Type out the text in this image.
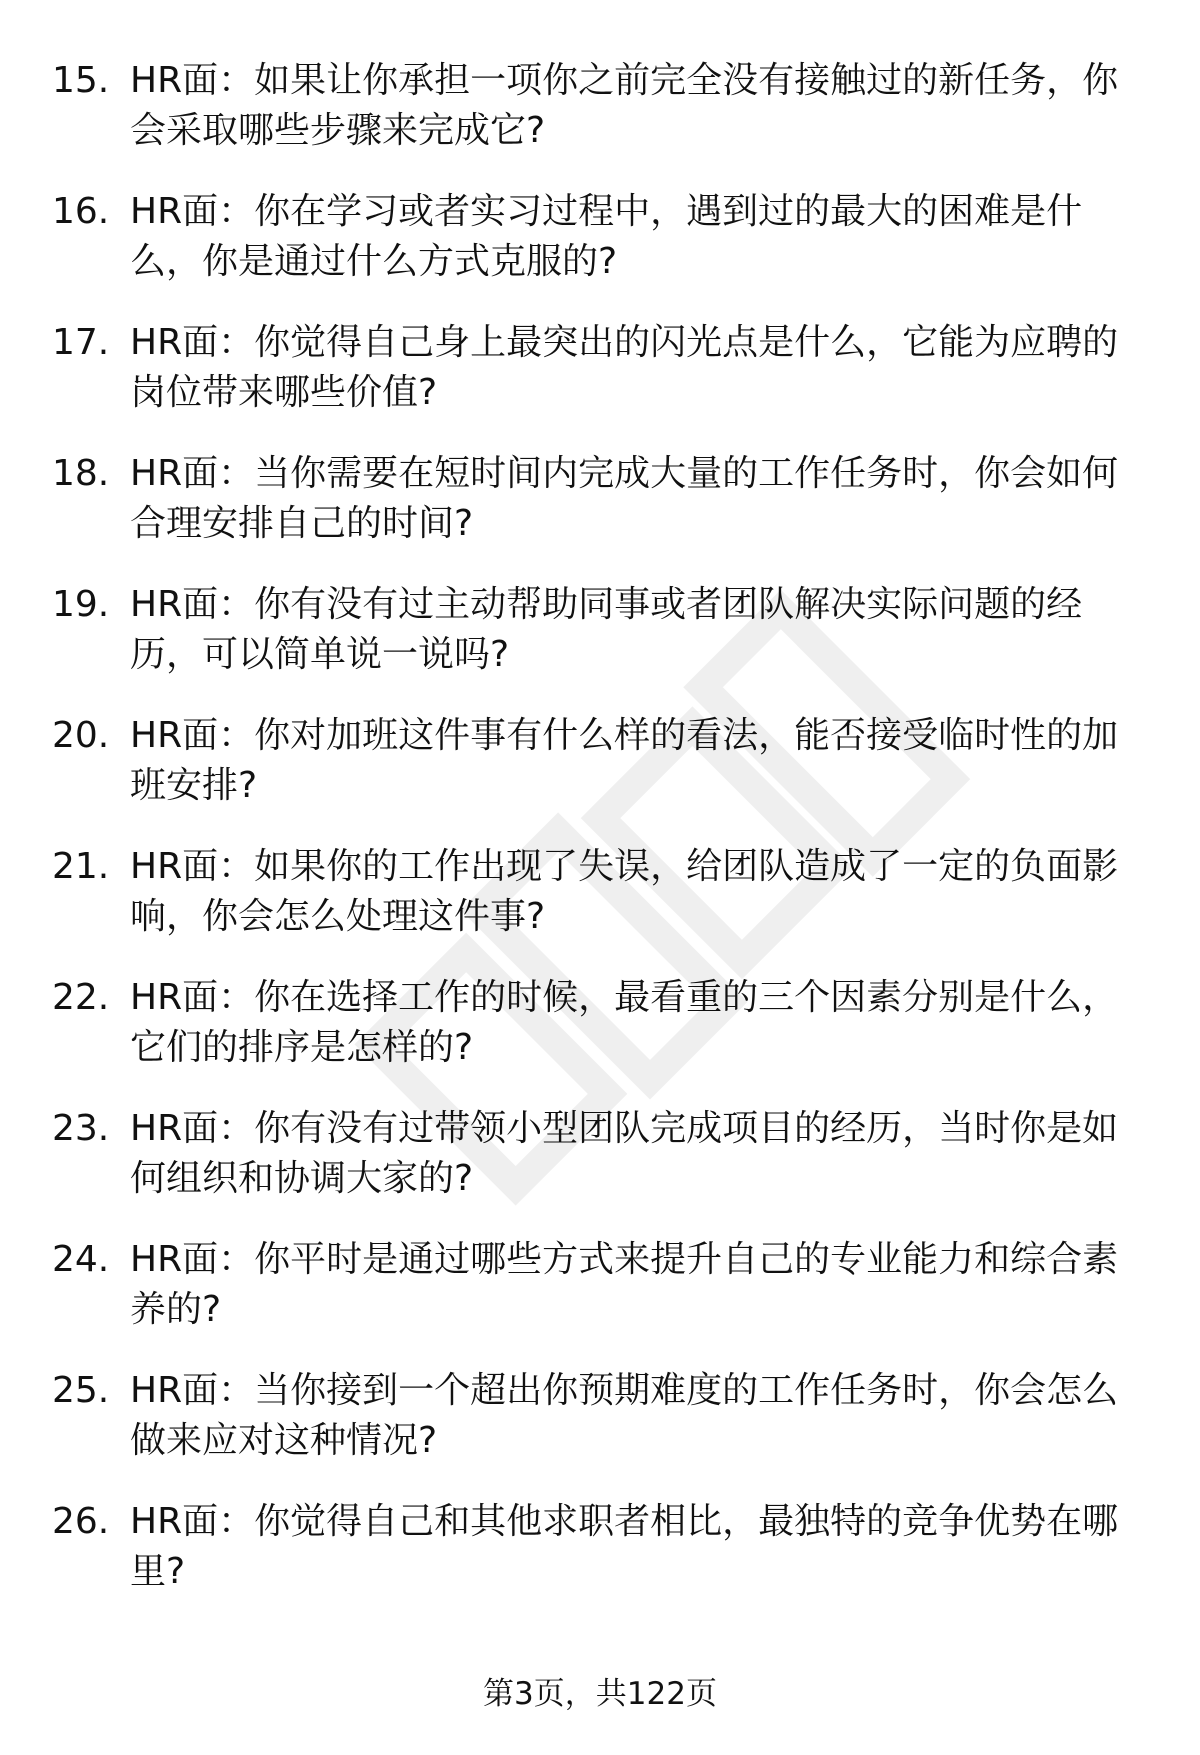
15. HR面：如果让你承担一项你之前完全没有接触过的新任务，你会采取哪些步骤来完成它?
16. HR面：你在学习或者实习过程中，遇到过的最大的困难是什么，你是通过什么方式克服的?
17. HR面：你觉得自己身上最突出的闪光点是什么，它能为应聘的岗位带来哪些价值?
18. HR面：当你需要在短时间内完成大量的工作任务时，你会如何合理安排自己的时间?
19. HR面：你有没有过主动帮助同事或者团队解决实际问题的经历，可以简单说一说吗?
20. HR面：你对加班这件事有什么样的看法，能否接受临时性的加班安排?
21. HR面：如果你的工作出现了失误，给团队造成了一定的负面影响，你会怎么处理这件事?
22. HR面：你在选择工作的时候，最看重的三个因素分别是什么，它们的排序是怎样的?
23. HR面：你有没有过带领小型团队完成项目的经历，当时你是如何组织和协调大家的?
24. HR面：你平时是通过哪些方式来提升自己的专业能力和综合素养的?
25. HR面：当你接到一个超出你预期难度的工作任务时，你会怎么做来应对这种情况?
26. HR面：你觉得自己和其他求职者相比，最独特的竞争优势在哪里?
第3页，共122页
